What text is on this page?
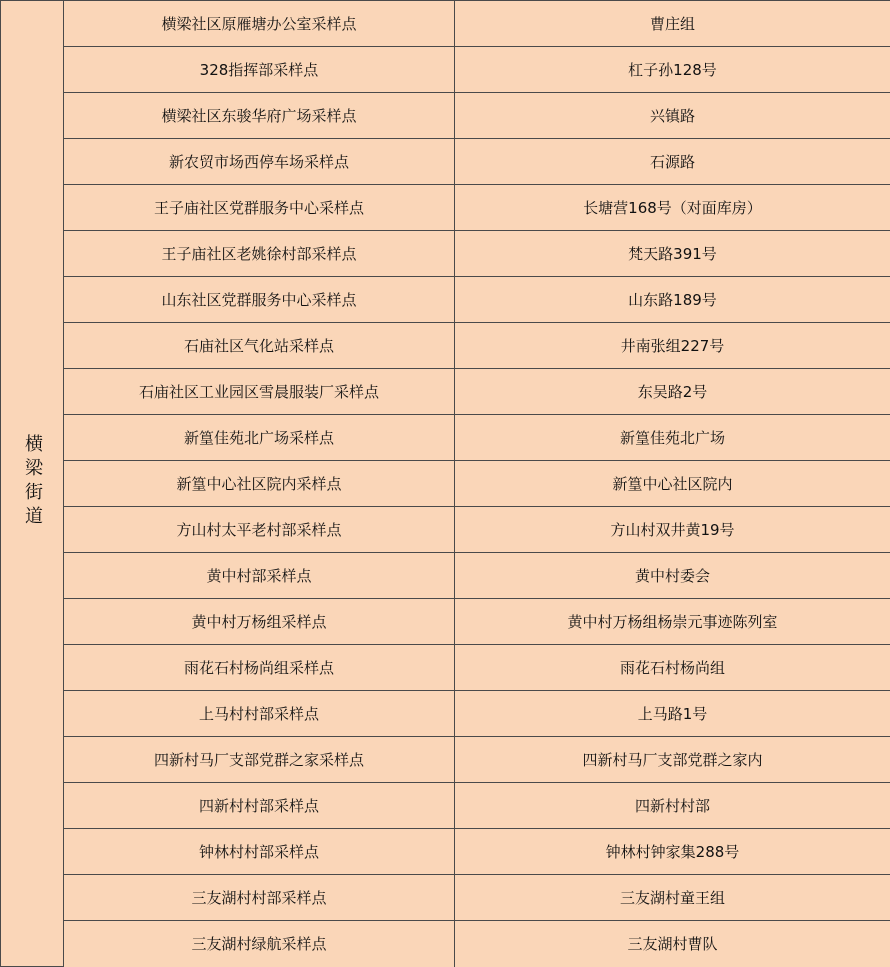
横梁街道	横梁社区原雁塘办公室采样点	曹庄组
	328指挥部采样点	杠子孙128号
	横梁社区东骏华府广场采样点	兴镇路
	新农贸市场西停车场采样点	石源路
	王子庙社区党群服务中心采样点	长塘营168号（对面库房）
	王子庙社区老姚徐村部采样点	梵天路391号
	山东社区党群服务中心采样点	山东路189号
	石庙社区气化站采样点	井南张组227号
	石庙社区工业园区雪晨服装厂采样点	东吴路2号
	新篁佳苑北广场采样点	新篁佳苑北广场
	新篁中心社区院内采样点	新篁中心社区院内
	方山村太平老村部采样点	方山村双井黄19号
	黄中村部采样点	黄中村委会
	黄中村万杨组采样点	黄中村万杨组杨崇元事迹陈列室
	雨花石村杨尚组采样点	雨花石村杨尚组
	上马村村部采样点	上马路1号
	四新村马厂支部党群之家采样点	四新村马厂支部党群之家内
	四新村村部采样点	四新村村部
	钟林村村部采样点	钟林村钟家集288号
	三友湖村村部采样点	三友湖村童王组
	三友湖村绿航采样点	三友湖村曹队
